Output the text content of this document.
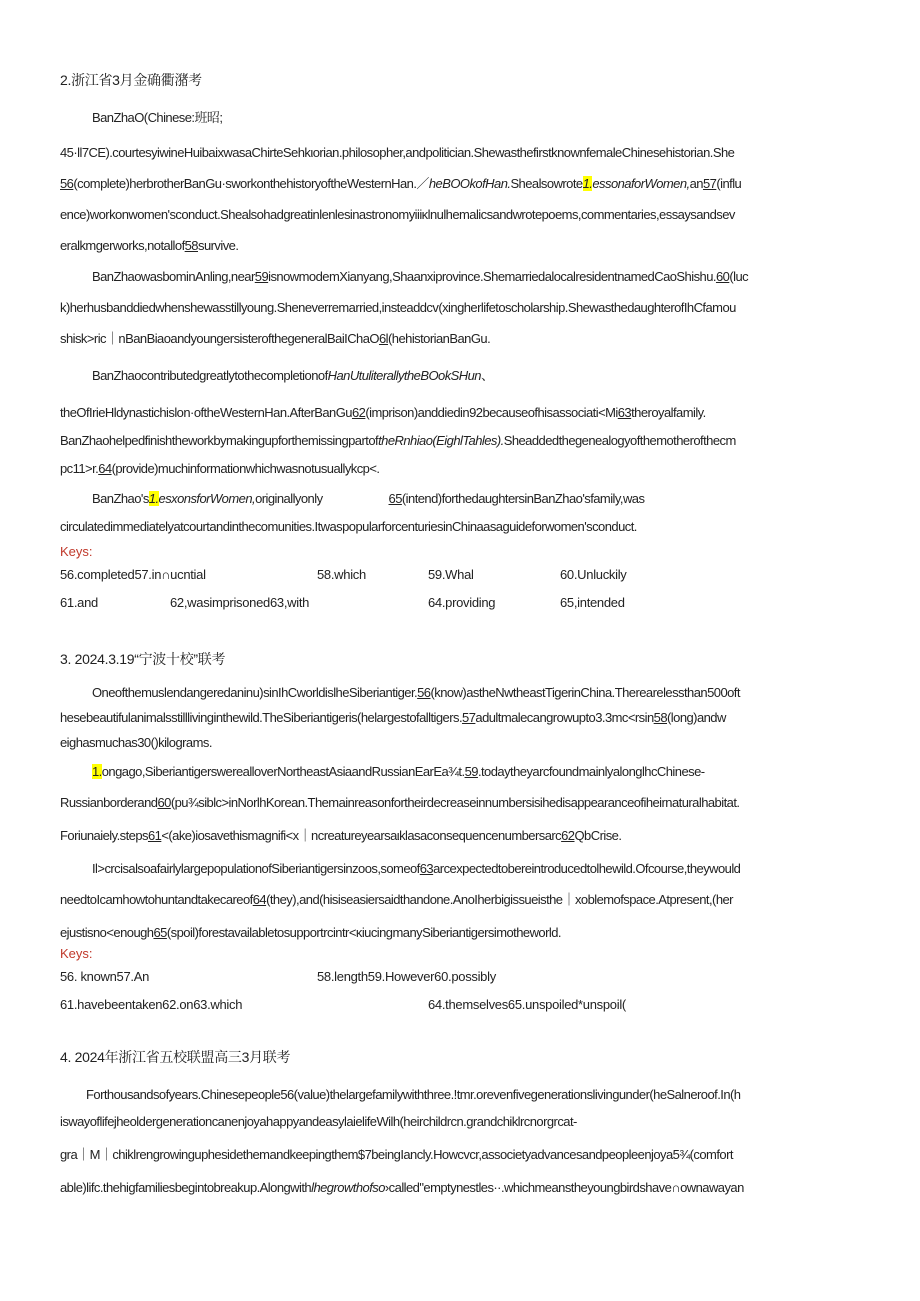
2.浙江省3月金确衢潴考

BanZhaO(Chinese:班昭;

45·ll7CE).courtesyiwineHuibaixwasaChirteSehkιorian.philosopher,andpolitician.ShewasthefirstknownfemaleChinesehistorian.She

56(complete)herbrotherBanGu·sworkonthehistoryoftheWesternHan.／heBOOkofHan.Shealsowrote1.essonaforWomen,an57(influ

ence)workonwomen'sconduct.Shealsohadgreatinlenlesinastronomyiiiκlnulhemalicsandwrotepoems,commentaries,essaysandsev

eralkmgerworks,notallof58survive.

BanZhaowasbominAnling,near59isnowmodemXianyang,Shaanxiprovince.ShemarriedalocalresidentnamedCaoShishu.60(luc

k)herhusbanddiedwhenshewasstillyoung.Sheneverremarried,insteaddcv(xingherlifetoscholarship.ShewasthedaughterofIhCfamou

shisk>ric｜nBanBiaoandyoungersisterofthegeneralBaiIChaO6l(hehistorianBanGu.

BanZhaocontributedgreatlytothecompletionofHanUtuliterallytheBOokSHun、

theOfIrieHldynastichislon·oftheWesternHan.AfterBanGu62(imprison)anddiedin92becauseofhisassociati<Mi63theroyalfamily.

BanZhaohelpedfinishtheworkbymakingupforthemissingpartoftheRnhiao(EighlTahles).Sheaddedthegenealogyofthemotherofthecm

pc11>r.64(provide)muchinformationwhichwasnotusuallykcp<.

BanZhao's1.esxonsforWomen,originallyonly	65(intend)forthedaughtersinBanZhao'sfamily,was

circulatedimmediatelyatcourtandinthecomunities.ItwaspopularforcenturiesinChinaasaguideforwomen'sconduct.

Keys:

56.completed57.in∩ucntial	58.which	59.Whal	60.Unluckily
61.and	62,wasimprisoned63,with	64.providing	65,intended

3. 2024.3.19“宁波十校”联考

Oneofthemuslendangeredaninu)sinIhCworldislheSiberiantiger.56(know)astheNwtheastTigerinChina.Therearelessthan500oft

hesebeautifulanimalsstilllivinginthewild.TheSiberiantigeris(helargestofalltigers.57adultmalecangrowupto3.3mc<rsin58(long)andw

eighasmuchas30()kilograms.

1.ongago,SiberiantigerswereallοverNortheastAsiaandRussianEarEa¾t.59.todaytheyarcfoundmainlyalonglhcChinese-

Russianborderand60(pu¾siblc>inNorlhKorean.Themainreasonfortheirdecreaseinnumbersisihedisappearanceofiheirnaturalhabitat.

Foriunaiely.steps61<(ake)iosavethismagnifi<x｜ncreatureyearsaιklasaconsequencenumbersarc62QbCrise.

Il>crcisalsoafairlylargepopulationofSiberiantigersinzoos,someof63arcexpectedtobereintroducedtolhewild.Ofcourse,theywould

needtoIcamhowtohuntandtakecareof64(they),and(hisiseasiersaidthandone.AnoIherbigissueisthe｜xoblemofspace.Atpresent,(her

ejustisno<enough65(spoil)forestavailabletosupportrcintr<κiucingmanySiberiantigersimotheworld.

Keys:

56. known57.An	58.length59.However60.possibly
61.havebeentaken62.on63.which	64.themselves65.unspoiled*unspoil(

4. 2024年浙江省五校联盟高三3月联考

Forthousandsofyears.Chinesepeople56(value)thelargefamilywiththree.!tmr.orevenfivegenerationslivingunder(heSalneroof.In(h

iswayoflifejheoldergenerationcanenjoyahappyandeasylaielifeWilh(heirchildrcn.grandchiklrcnorgrcat-

gra｜M｜chiklrengrowinguphesidethemandkeepingthem$7beingIancly.Howcvcr,associetyadvancesandpeopleenjoya5¾(comfort

able)lifc.thehigfamiliesbegintobreakup.Alongwithlhegrowthofso›called"emptynestles··.whichmeanstheyoungbirdshave∩ownawayan
